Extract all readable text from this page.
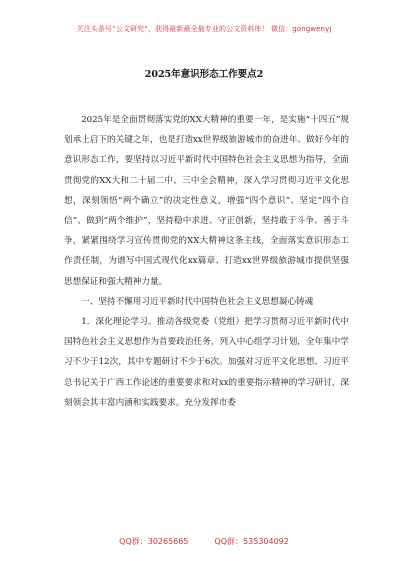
关注头条号“公文研究”，获得最新最全最专业的公文资料库！ 微信：gongwenyj
2025年意识形态工作要点2

2025年是全面贯彻落实党的XX大精神的重要一年，是实施“十四五”规划承上启下的关键之年，也是打造xx世界级旅游城市的奋进年。做好今年的意识形态工作，要坚持以习近平新时代中国特色社会主义思想为指导，全面贯彻党的XX大和二十届二中、三中全会精神，深入学习贯彻习近平文化思想，深刻领悟“两个确立”的决定性意义，增强“四个意识”、坚定“四个自信”、做到“两个维护”，坚持稳中求进、守正创新，坚持敢于斗争、善于斗争，紧紧围绕学习宣传贯彻党的XX大精神这条主线，全面落实意识形态工作责任制，为谱写中国式现代化xx篇章、打造xx世界级旅游城市提供坚强思想保证和强大精神力量。

一、坚持不懈用习近平新时代中国特色社会主义思想凝心铸魂

1．深化理论学习。推动各级党委（党组）把学习贯彻习近平新时代中国特色社会主义思想作为首要政治任务，列入中心组学习计划，全年集中学习不少于12次，其中专题研讨不少于6次。加强对习近平文化思想、习近平总书记关于广西工作论述的重要要求和对xx的重要指示精神的学习研讨，深刻领会其丰富内涵和实践要求。充分发挥市委

QQ群：30265665	QQ群：535304092
